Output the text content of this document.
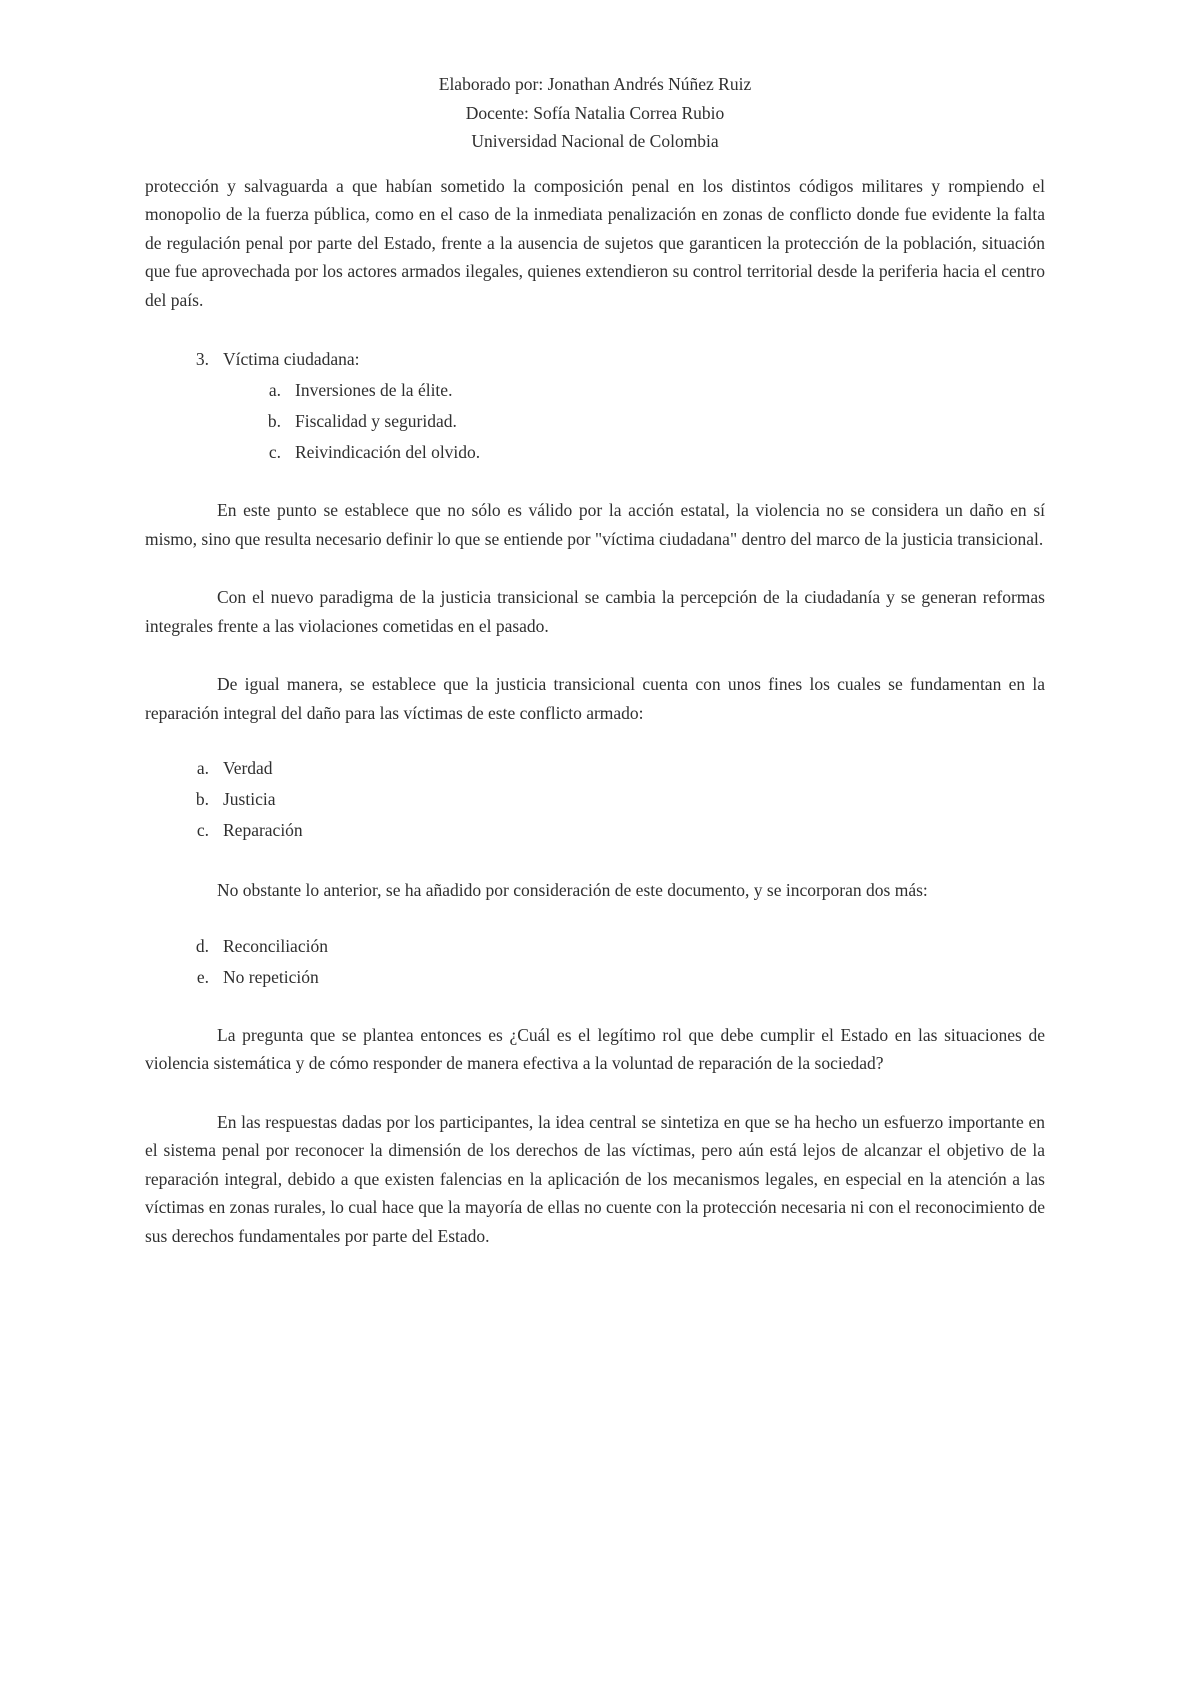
Elaborado por: Jonathan Andrés Núñez Ruiz
Docente: Sofía Natalia Correa Rubio
Universidad Nacional de Colombia

protección y salvaguarda a que habían sometido la composición penal en los distintos códigos militares y rompiendo el monopolio de la fuerza pública, como en el caso de la inmediata penalización en zonas de conflicto donde fue evidente la falta de regulación penal por parte del Estado, frente a la ausencia de sujetos que garanticen la protección de la población, situación que fue aprovechada por los actores armados ilegales, quienes extendieron su control territorial desde la periferia hacia el centro del país.

3. Víctima ciudadana:
a. Inversiones de la élite.
b. Fiscalidad y seguridad.
c. Reivindicación del olvido.

En este punto se establece que no sólo es válido por la acción estatal, la violencia no se considera un daño en sí mismo, sino que resulta necesario definir lo que se entiende por "víctima ciudadana" dentro del marco de la justicia transicional.

Con el nuevo paradigma de la justicia transicional se cambia la percepción de la ciudadanía y se generan reformas integrales frente a las violaciones cometidas en el pasado.

De igual manera, se establece que la justicia transicional cuenta con unos fines los cuales se fundamentan en la reparación integral del daño para las víctimas de este conflicto armado:

a. Verdad
b. Justicia
c. Reparación

No obstante lo anterior, se ha añadido por consideración de este documento, y se incorporan dos más:

d. Reconciliación
e. No repetición

La pregunta que se plantea entonces es ¿Cuál es el legítimo rol que debe cumplir el Estado en las situaciones de violencia sistemática y de cómo responder de manera efectiva a la voluntad de reparación de la sociedad?

En las respuestas dadas por los participantes, la idea central se sintetiza en que se ha hecho un esfuerzo importante en el sistema penal por reconocer la dimensión de los derechos de las víctimas, pero aún está lejos de alcanzar el objetivo de la reparación integral, debido a que existen falencias en la aplicación de los mecanismos legales, en especial en la atención a las víctimas en zonas rurales, lo cual hace que la mayoría de ellas no cuente con la protección necesaria ni con el reconocimiento de sus derechos fundamentales por parte del Estado.
